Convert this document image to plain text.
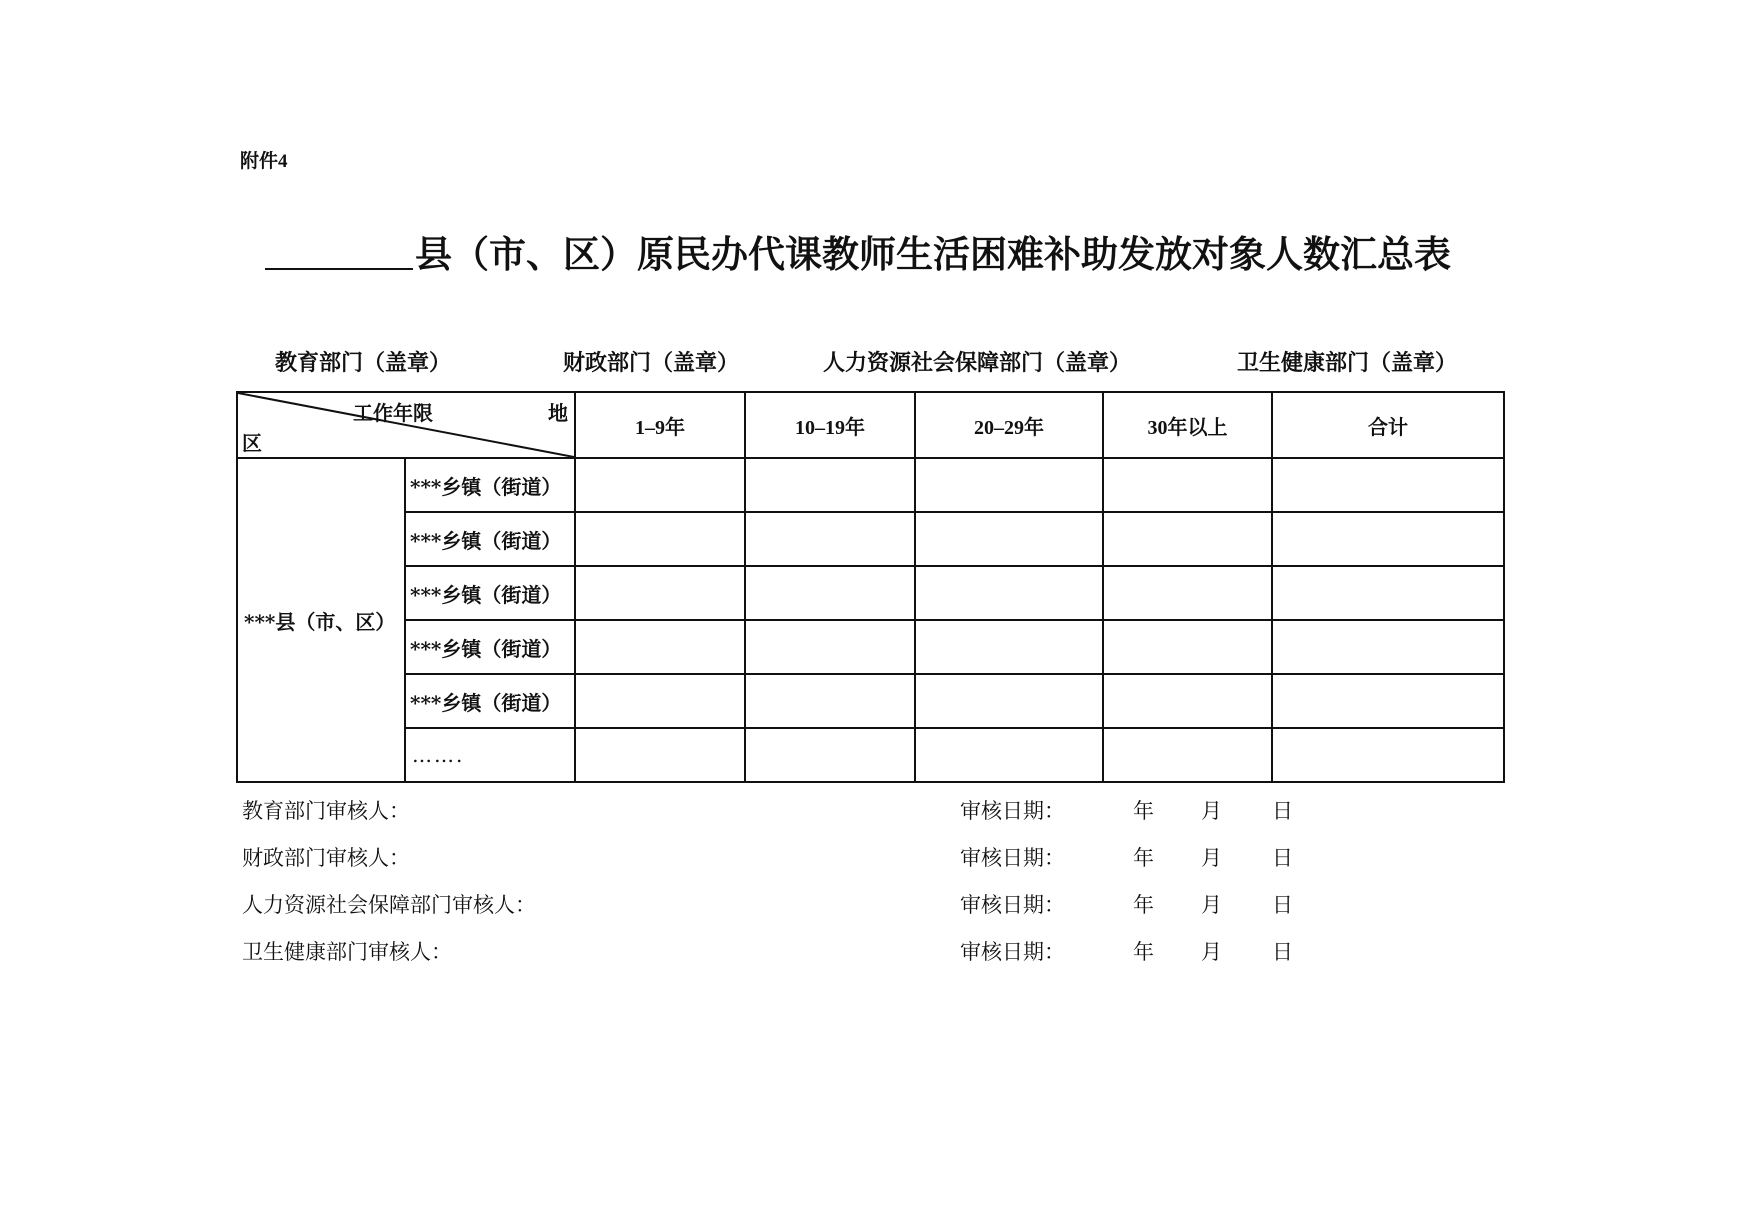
附件4
县（市、区）原民办代课教师生活困难补助发放对象人数汇总表
教育部门（盖章）	财政部门（盖章）	人力资源社会保障部门（盖章）	卫生健康部门（盖章）
工作年限 地
区		1–9年	10–19年	20–29年	30年以上	合计
***县（市、区）	***乡镇（街道）					
	***乡镇（街道）					
	***乡镇（街道）					
	***乡镇（街道）					
	***乡镇（街道）					
	…….					
教育部门审核人：	审核日期：	年 月 日
财政部门审核人：	审核日期：	年 月 日
人力资源社会保障部门审核人：	审核日期：	年 月 日
卫生健康部门审核人：	审核日期：	年 月 日
